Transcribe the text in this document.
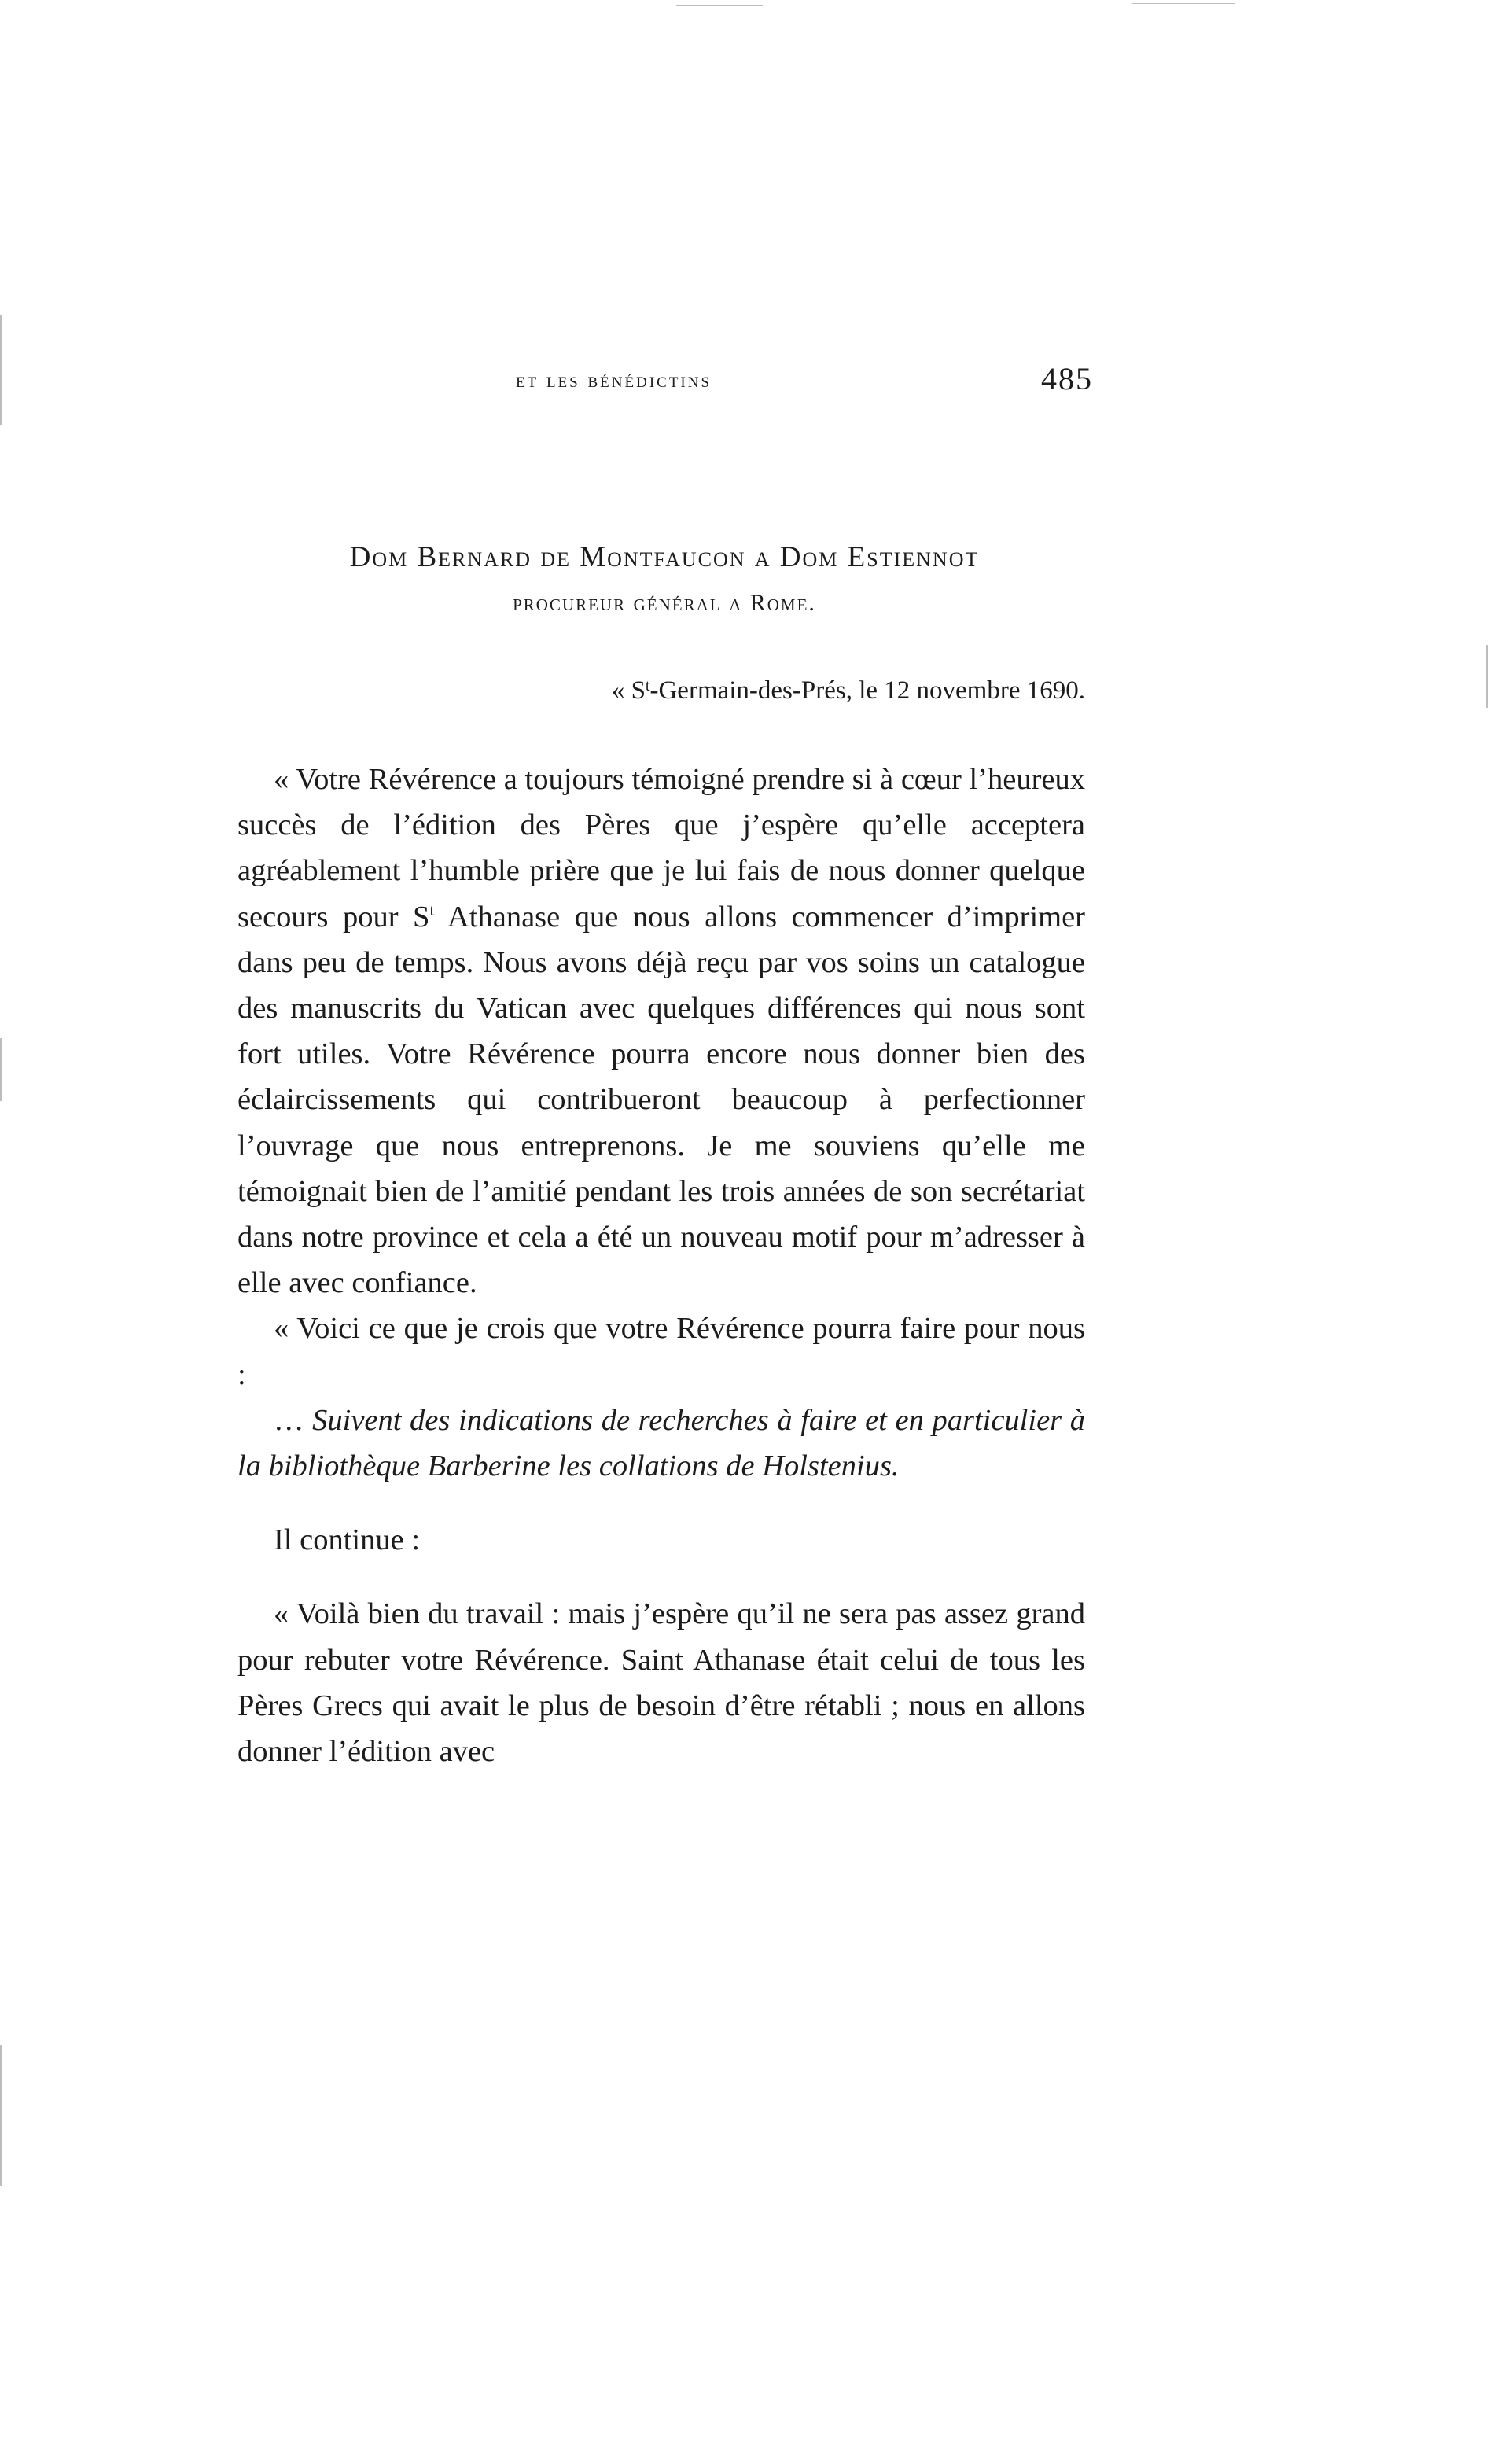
et les bénédictins	485
Dom Bernard de Montfaucon a Dom Estiennot
procureur général a Rome.
« $S^t-Germain-des$-Prés, le 12 novembre 1690.

« Votre Révérence a toujours témoigné prendre si à cœur l’heureux succès de l’édition des Pères que j’espère qu’elle acceptera agréablement l’humble prière que je lui fais de nous donner quelque secours pour $S^t$ Athanase que nous allons commencer d’imprimer dans peu de temps. Nous avons déjà reçu par vos soins un catalogue des manuscrits du Vatican avec quelques différences qui nous sont fort utiles. Votre Révérence pourra encore nous donner bien des éclaircissements qui contribueront beaucoup à perfectionner l’ouvrage que nous entreprenons. Je me souviens qu’elle me témoignait bien de l’amitié pendant les trois années de son secrétariat dans notre province et cela a été un nouveau motif pour m’adresser à elle avec confiance.

« Voici ce que je crois que votre Révérence pourra faire pour nous :

… Suivent des indications de recherches à faire et en particulier à la bibliothèque Barberine les collations de Holstenius.

Il continue :

« Voilà bien du travail : mais j’espère qu’il ne sera pas assez grand pour rebuter votre Révérence. Saint Athanase était celui de tous les Pères Grecs qui avait le plus de besoin d’être rétabli ; nous en allons donner l’édition avec
